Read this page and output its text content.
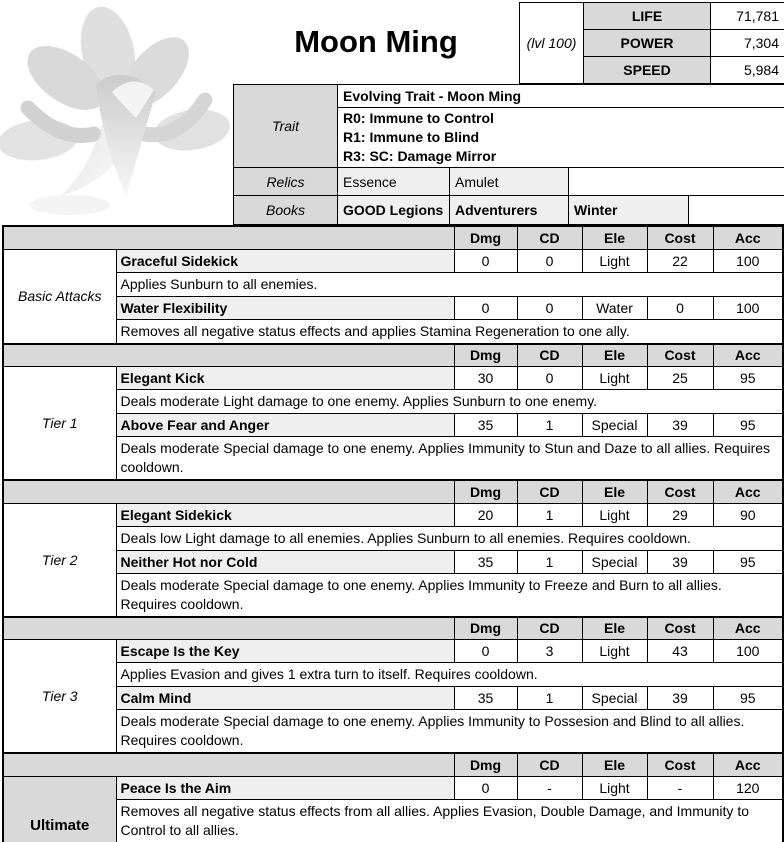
Moon Ming	(lvl 100)	LIFE	71,781
	POWER	7,304
	SPEED	5,984
Trait	Evolving Trait - Moon Ming			

	R0: Immune to Control
R1: Immune to Blind
R3: SC: Damage Mirror			

Relics	Essence	Amulet		
Books	GOOD Legions	Adventurers	Winter	
		Dmg	CD	Ele	Cost	Acc
Basic Attacks	Graceful Sidekick	0	0	Light	22	100
	Applies Sunburn to all enemies.					
	Water Flexibility	0	0	Water	0	100
	Removes all negative status effects and applies Stamina Regeneration to one ally.					
		Dmg	CD	Ele	Cost	Acc
Tier 1	Elegant Kick	30	0	Light	25	95
	Deals moderate Light damage to one enemy. Applies Sunburn to one enemy.					
	Above Fear and Anger	35	1	Special	39	95
	Deals moderate Special damage to one enemy. Applies Immunity to Stun and Daze to all allies. Requires cooldown.					
		Dmg	CD	Ele	Cost	Acc
Tier 2	Elegant Sidekick	20	1	Light	29	90
	Deals low Light damage to all enemies. Applies Sunburn to all enemies. Requires cooldown.					
	Neither Hot nor Cold	35	1	Special	39	95
	Deals moderate Special damage to one enemy. Applies Immunity to Freeze and Burn to all allies. Requires cooldown.					
		Dmg	CD	Ele	Cost	Acc
Tier 3	Escape Is the Key	0	3	Light	43	100
	Applies Evasion and gives 1 extra turn to itself. Requires cooldown.					
	Calm Mind	35	1	Special	39	95
	Deals moderate Special damage to one enemy. Applies Immunity to Possesion and Blind to all allies. Requires cooldown.					
		Dmg	CD	Ele	Cost	Acc
Ultimate	Peace Is the Aim	0	-	Light	-	120
	Removes all negative status effects from all allies. Applies Evasion, Double Damage, and Immunity to Control to all allies.					
